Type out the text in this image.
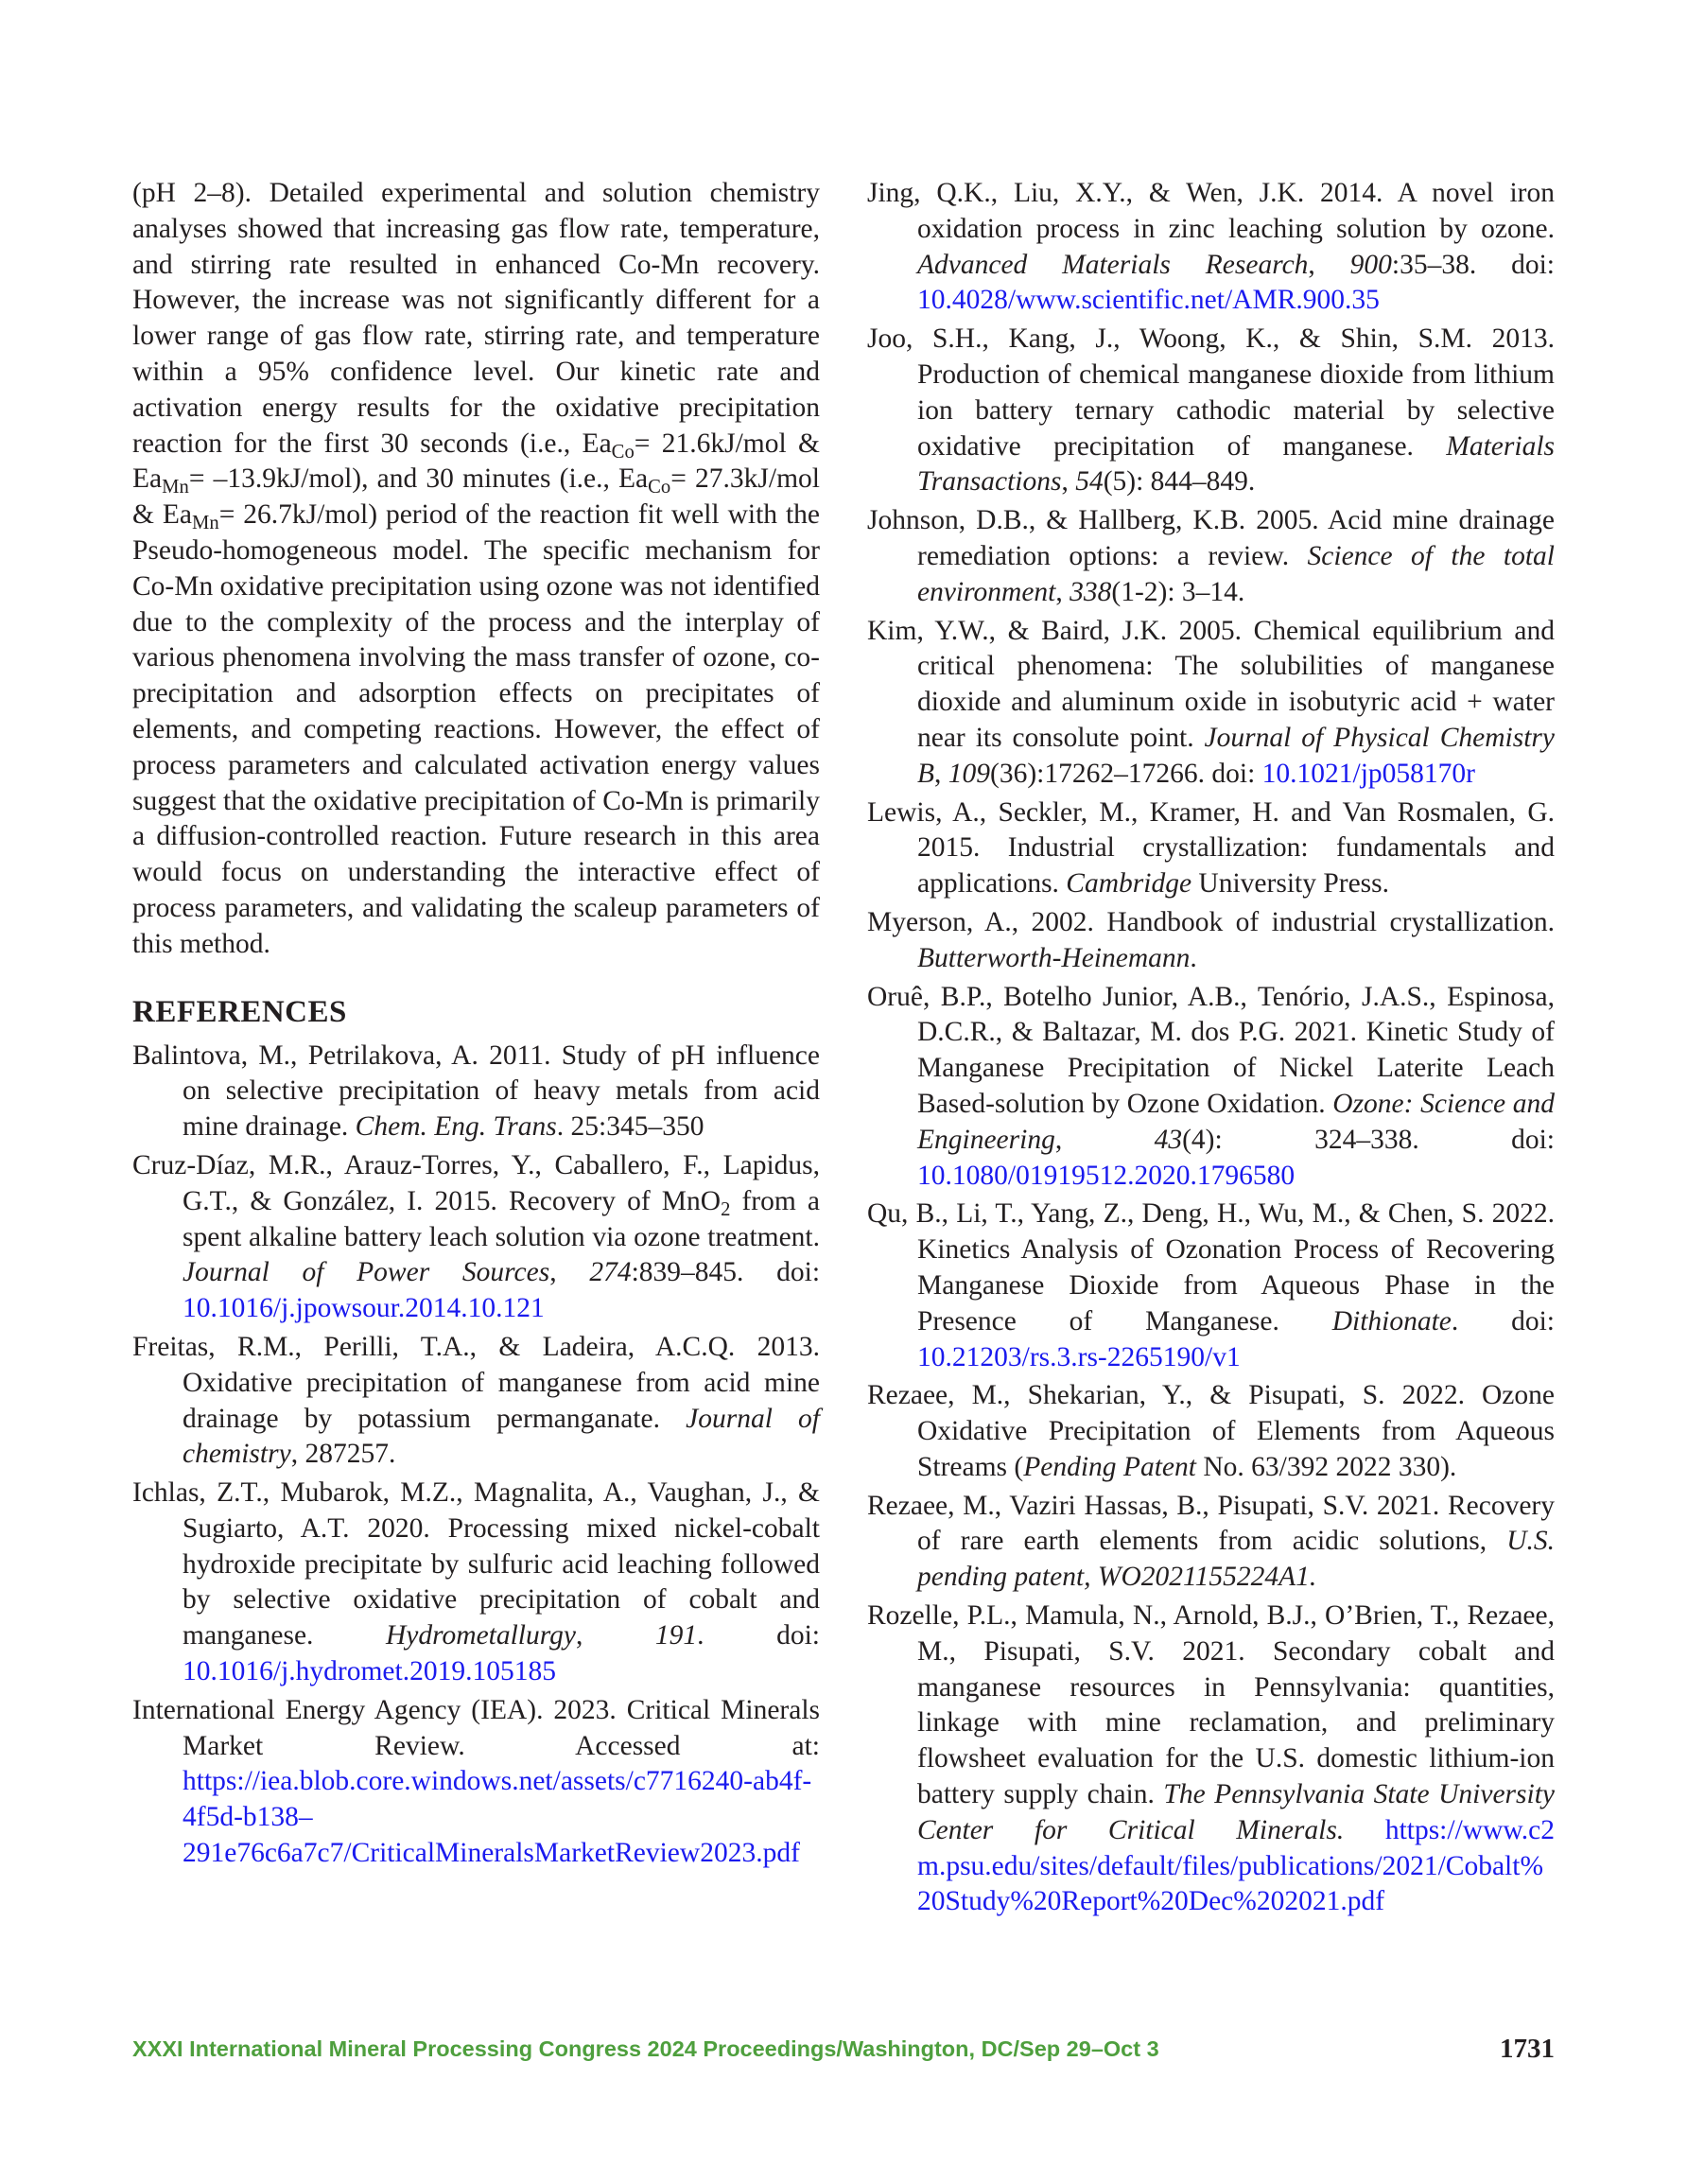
(pH 2–8). Detailed experimental and solution chemistry analyses showed that increasing gas flow rate, temperature, and stirring rate resulted in enhanced Co-Mn recovery. However, the increase was not significantly different for a lower range of gas flow rate, stirring rate, and temperature within a 95% confidence level. Our kinetic rate and activation energy results for the oxidative precipitation reaction for the first 30 seconds (i.e., $Ea_{Co}= 21.6kJ/mol$ & $Ea_{Mn}= -13.9kJ/mol$), and 30 minutes (i.e., $Ea_{Co}= 27.3kJ/mol$ & $Ea_{Mn}= 26.7kJ/mol$) period of the reaction fit well with the Pseudo-homogeneous model. The specific mechanism for Co-Mn oxidative precipitation using ozone was not identified due to the complexity of the process and the interplay of various phenomena involving the mass transfer of ozone, co-precipitation and adsorption effects on precipitates of elements, and competing reactions. However, the effect of process parameters and calculated activation energy values suggest that the oxidative precipitation of Co-Mn is primarily a diffusion-controlled reaction. Future research in this area would focus on understanding the interactive effect of process parameters, and validating the scaleup parameters of this method.

REFERENCES

Balintova, M., Petrilakova, A. 2011. Study of pH influence on selective precipitation of heavy metals from acid mine drainage. Chem. Eng. Trans. 25:345–350

Cruz-Díaz, M.R., Arauz-Torres, Y., Caballero, F., Lapidus, G.T., & González, I. 2015. Recovery of MnO$_2$ from a spent alkaline battery leach solution via ozone treatment. Journal of Power Sources, 274:839–845. doi: 10.1016/j.jpowsour.2014.10.121

Freitas, R.M., Perilli, T.A., & Ladeira, A.C.Q. 2013. Oxidative precipitation of manganese from acid mine drainage by potassium permanganate. Journal of chemistry, 287257.

Ichlas, Z.T., Mubarok, M.Z., Magnalita, A., Vaughan, J., & Sugiarto, A.T. 2020. Processing mixed nickel-cobalt hydroxide precipitate by sulfuric acid leaching followed by selective oxidative precipitation of cobalt and manganese. Hydrometallurgy, 191. doi: 10.1016/j.hydromet.2019.105185

International Energy Agency (IEA). 2023. Critical Minerals Market Review. Accessed at: https://iea.blob.core.windows.net/assets/c7716240-ab4f-4f5d-b138–291e76c6a7c7/CriticalMineralsMarketReview2023.pdf

Jing, Q.K., Liu, X.Y., & Wen, J.K. 2014. A novel iron oxidation process in zinc leaching solution by ozone. Advanced Materials Research, 900:35–38. doi: 10.4028/www.scientific.net/AMR.900.35

Joo, S.H., Kang, J., Woong, K., & Shin, S.M. 2013. Production of chemical manganese dioxide from lithium ion battery ternary cathodic material by selective oxidative precipitation of manganese. Materials Transactions, 54(5): 844–849.

Johnson, D.B., & Hallberg, K.B. 2005. Acid mine drainage remediation options: a review. Science of the total environment, 338(1-2): 3–14.

Kim, Y.W., & Baird, J.K. 2005. Chemical equilibrium and critical phenomena: The solubilities of manganese dioxide and aluminum oxide in isobutyric acid + water near its consolute point. Journal of Physical Chemistry B, 109(36):17262–17266. doi: 10.1021/jp058170r

Lewis, A., Seckler, M., Kramer, H. and Van Rosmalen, G. 2015. Industrial crystallization: fundamentals and applications. Cambridge University Press.

Myerson, A., 2002. Handbook of industrial crystallization. Butterworth-Heinemann.

Oruê, B.P., Botelho Junior, A.B., Tenório, J.A.S., Espinosa, D.C.R., & Baltazar, M. dos P.G. 2021. Kinetic Study of Manganese Precipitation of Nickel Laterite Leach Based-solution by Ozone Oxidation. Ozone: Science and Engineering, 43(4): 324–338. doi: 10.1080/01919512.2020.1796580

Qu, B., Li, T., Yang, Z., Deng, H., Wu, M., & Chen, S. 2022. Kinetics Analysis of Ozonation Process of Recovering Manganese Dioxide from Aqueous Phase in the Presence of Manganese. Dithionate. doi: 10.21203/rs.3.rs-2265190/v1

Rezaee, M., Shekarian, Y., & Pisupati, S. 2022. Ozone Oxidative Precipitation of Elements from Aqueous Streams (Pending Patent No. 63/392 2022 330).

Rezaee, M., Vaziri Hassas, B., Pisupati, S.V. 2021. Recovery of rare earth elements from acidic solutions, U.S. pending patent, WO2021155224A1.

Rozelle, P.L., Mamula, N., Arnold, B.J., O’Brien, T., Rezaee, M., Pisupati, S.V. 2021. Secondary cobalt and manganese resources in Pennsylvania: quantities, linkage with mine reclamation, and preliminary flowsheet evaluation for the U.S. domestic lithium-ion battery supply chain. The Pennsylvania State University Center for Critical Minerals. https://www.c2 m.psu.edu/sites/default/files/publications/2021/Cobalt%20Study%20Report%20Dec%202021.pdf

XXXI International Mineral Processing Congress 2024 Proceedings/Washington, DC/Sep 29–Oct 3	1731
